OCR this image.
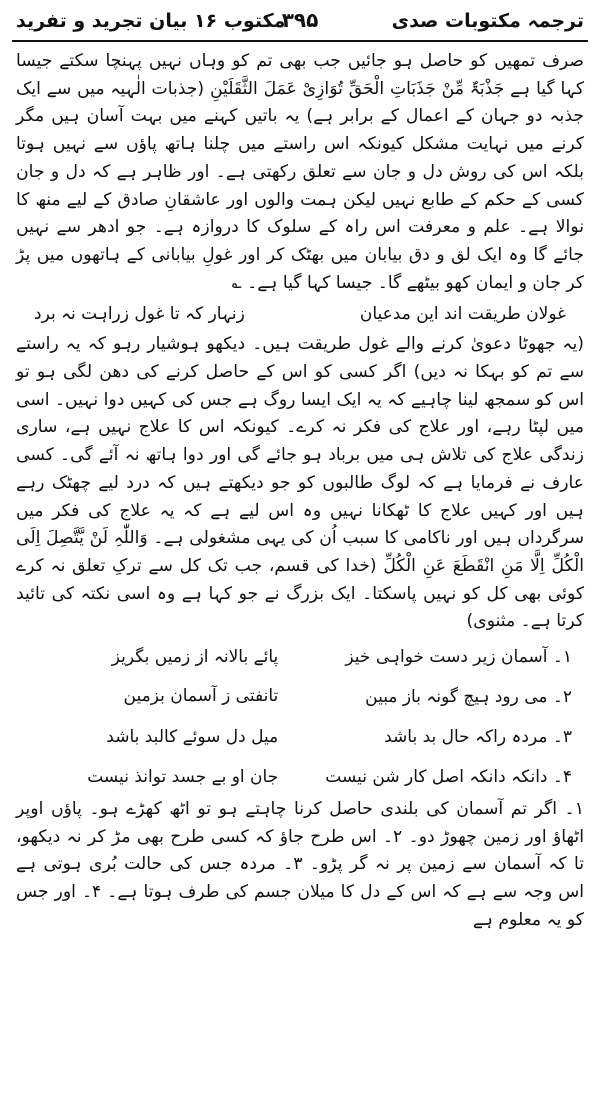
ترجمہ مکتوبات صدی
۳۹۵
مکتوب ۱۶ بیان تجرید و تفرید

صرف تمھیں کو حاصل ہو جائیں جب بھی تم کو وہاں نہیں پہنچا سکتے جیسا کہا گیا ہے جَذْبَۃٌ مِّنْ جَذَبَاتِ الْحَقِّ تُوَازِیْ عَمَلَ الثَّقَلَیْنِ (جذبات الٰہیہ میں سے ایک جذبہ دو جہان کے اعمال کے برابر ہے) یہ باتیں کہنے میں بہت آسان ہیں مگر کرنے میں نہایت مشکل کیونکہ اس راستے میں چلنا ہاتھ پاؤں سے نہیں ہوتا بلکہ اس کی روش دل و جان سے تعلق رکھتی ہے۔ اور ظاہر ہے کہ دل و جان کسی کے حکم کے طابع نہیں لیکن ہمت والوں اور عاشقانِ صادق کے لیے منھ کا نوالا ہے۔ علم و معرفت اس راہ کے سلوک کا دروازہ ہے۔ جو ادھر سے نہیں جائے گا وہ ایک لق و دق بیابان میں بھٹک کر اور غولِ بیابانی کے ہاتھوں میں پڑ کر جان و ایمان کھو بیٹھے گا۔ جیسا کہا گیا ہے۔ ؎

غولان طریقت اند این مدعیان
زنہار کہ تا غول زراہت نہ برد

(یہ جھوٹا دعویٰ کرنے والے غول طریقت ہیں۔ دیکھو ہوشیار رہو کہ یہ راستے سے تم کو بہکا نہ دیں) اگر کسی کو اس کے حاصل کرنے کی دھن لگی ہو تو اس کو سمجھ لینا چاہیے کہ یہ ایک ایسا روگ ہے جس کی کہیں دوا نہیں۔ اسی میں لپٹا رہے، اور علاج کی فکر نہ کرے۔ کیونکہ اس کا علاج نہیں ہے، ساری زندگی علاج کی تلاش ہی میں برباد ہو جائے گی اور دوا ہاتھ نہ آئے گی۔ کسی عارف نے فرمایا ہے کہ لوگ طالبوں کو جو دیکھتے ہیں کہ درد لیے چھٹک رہے ہیں اور کہیں علاج کا ٹھکانا نہیں وہ اس لیے ہے کہ یہ علاج کی فکر میں سرگرداں ہیں اور ناکامی کا سبب اُن کی یہی مشغولی ہے۔ وَاللّٰہِ لَنْ یَّتَّصِلَ اِلَی الْکُلِّ اِلَّا مَنِ انْقَطَعَ عَنِ الْکُلِّ (خدا کی قسم، جب تک کل سے ترکِ تعلق نہ کرے کوئی بھی کل کو نہیں پاسکتا۔ ایک بزرگ نے جو کہا ہے وہ اسی نکتہ کی تائید کرتا ہے۔ مثنوی)

۱۔ آسمان زیر دست خواہی خیز
پائے بالانہ از زمیں بگریز
۲۔ می رود ہیچ گونہ باز مبین
تانفتی ز آسمان بزمین
۳۔ مردہ راکہ حال بد باشد
میل دل سوئے کالبد باشد
۴۔ دانکہ دانکہ اصل کار شن نیست
جان او بے جسد توانذ نیست

۱۔ اگر تم آسمان کی بلندی حاصل کرنا چاہتے ہو تو اٹھ کھڑے ہو۔ پاؤں اوپر اٹھاؤ اور زمین چھوڑ دو۔ ۲۔ اس طرح جاؤ کہ کسی طرح بھی مڑ کر نہ دیکھو، تا کہ آسمان سے زمین پر نہ گر پڑو۔ ۳۔ مردہ جس کی حالت بُری ہوتی ہے اس وجہ سے ہے کہ اس کے دل کا میلان جسم کی طرف ہوتا ہے۔ ۴۔ اور جس کو یہ معلوم ہے
